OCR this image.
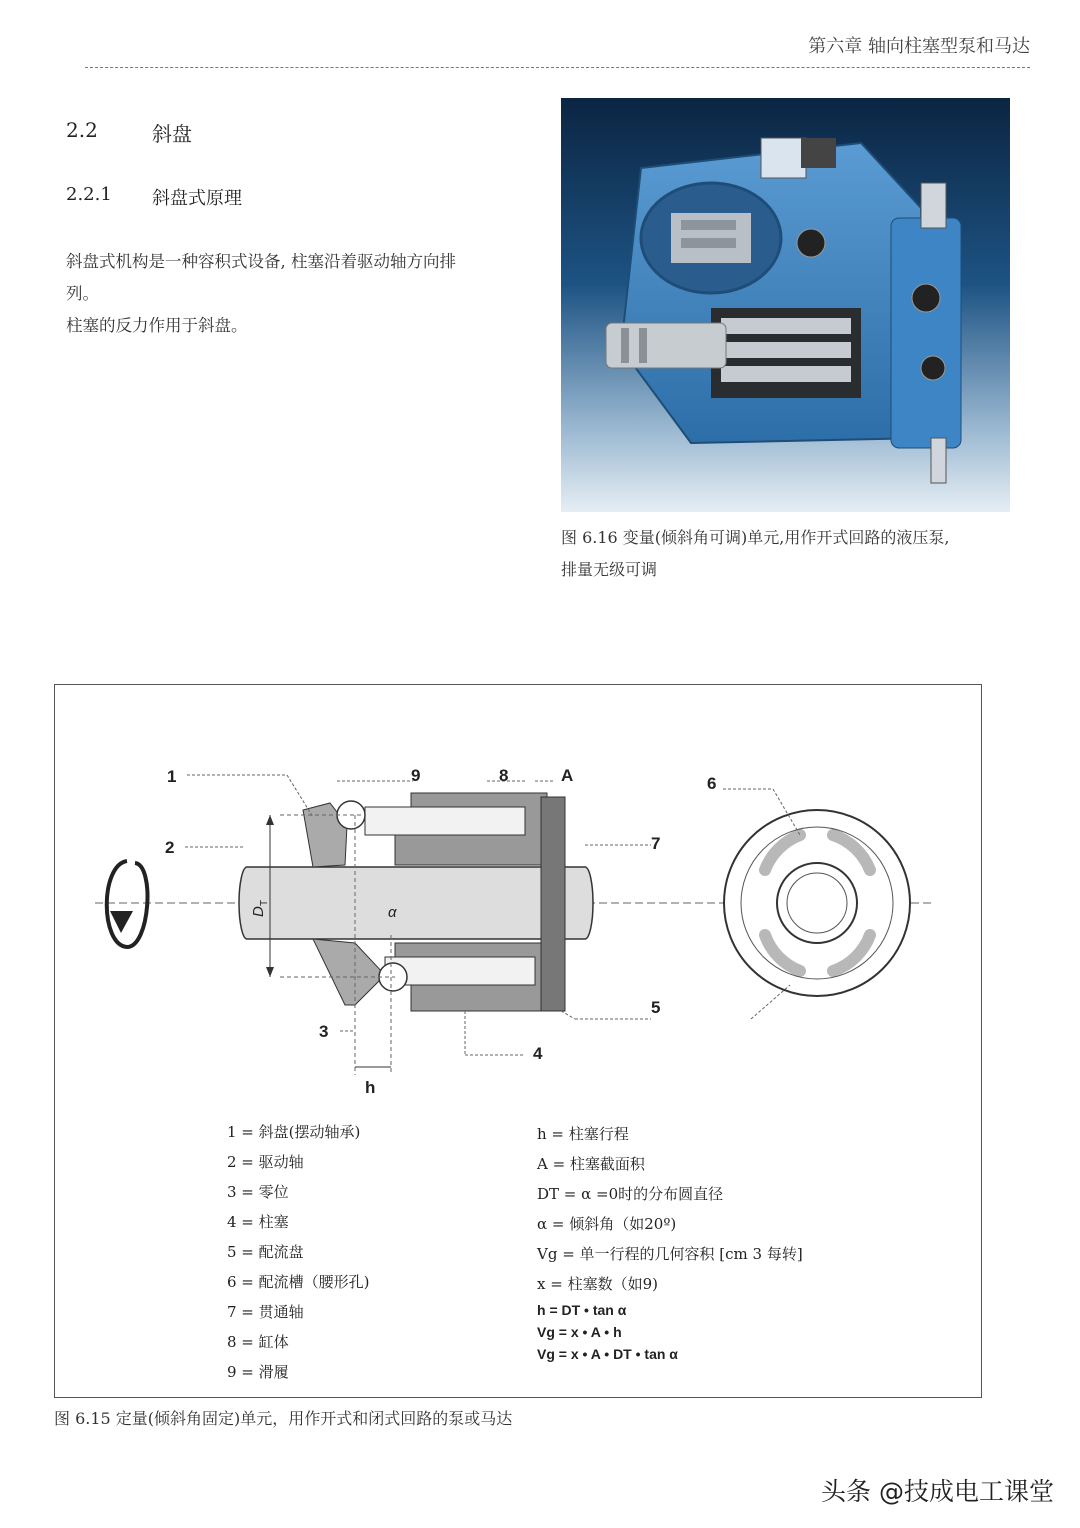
第六章 轴向柱塞型泵和马达
2.2	斜盘
2.2.1 斜盘式原理
斜盘式机构是一种容积式设备, 柱塞沿着驱动轴方向排
列。
柱塞的反力作用于斜盘。
图 6.16 变量(倾斜角可调)单元,用作开式回路的液压泵,
排量无级可调
1
2
3
4
5
6
7
8
9	A
h
α
D
T
1 = 斜盘(摆动轴承)
2 = 驱动轴
3 = 零位
4 = 柱塞
5 = 配流盘
6 = 配流槽（腰形孔)
7 = 贯通轴
8 = 缸体
9 = 滑履
h = 柱塞行程
A = 柱塞截面积
DT = α =0时的分布圆直径
α = 倾斜角（如20º)
Vg = 单一行程的几何容积 [cm 3 每转]
x = 柱塞数（如9)
h = DT • tan α
Vg = x • A • h
Vg = x • A • DT • tan α
图 6.15 定量(倾斜角固定)单元，用作开式和闭式回路的泵或马达
头条 @技成电工课堂
